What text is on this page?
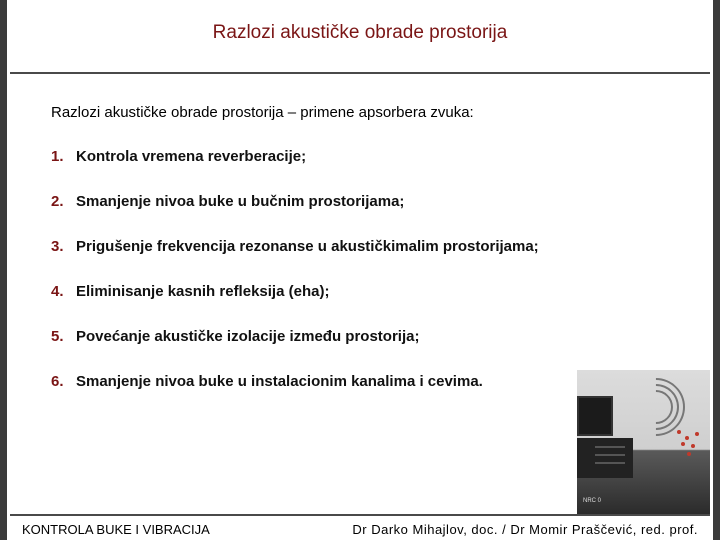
Razlozi akustičke obrade prostorija
Razlozi akustičke obrade prostorija – primene apsorbera zvuka:
1. Kontrola vremena reverberacije;
2. Smanjenje nivoa buke u bučnim prostorijama;
3. Prigušenje frekvencija rezonanse u akustičkimalim prostorijama;
4. Eliminisanje kasnih refleksija (eha);
5. Povećanje akustičke izolacije između prostorija;
6. Smanjenje nivoa buke u instalacionim kanalima i cevima.
NRC 0
KONTROLA BUKE I VIBRACIJA	Dr Darko Mihajlov, doc. / Dr Momir Praščević, red. prof.
